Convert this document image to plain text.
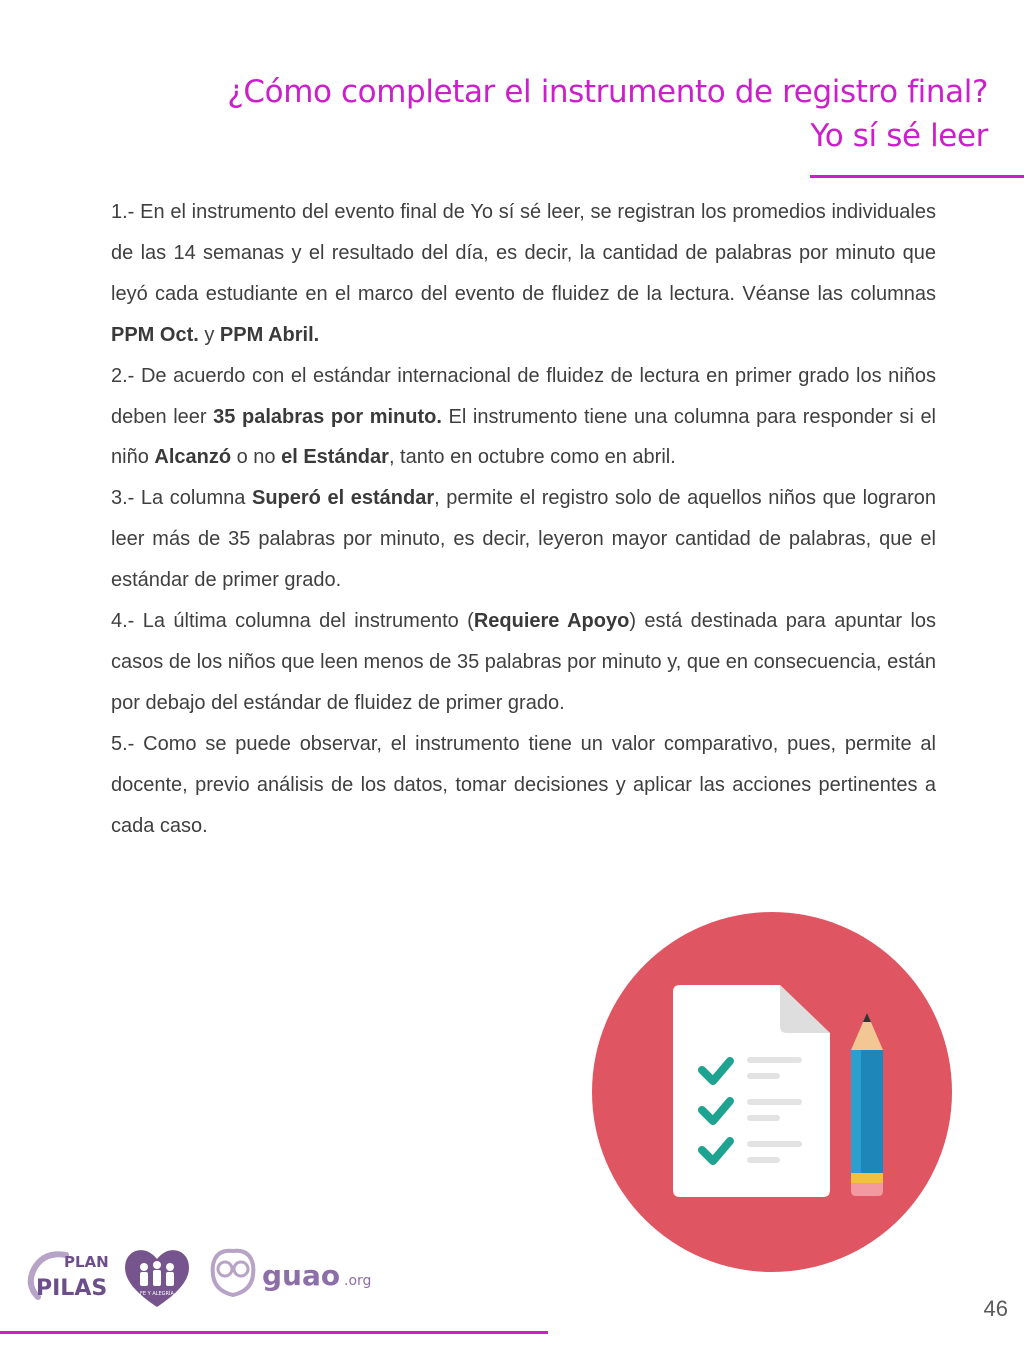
¿Cómo completar el instrumento de registro final?
Yo sí sé leer

1.- En el instrumento del evento final de Yo sí sé leer, se registran los promedios individuales de las 14 semanas y el resultado del día, es decir, la cantidad de palabras por minuto que leyó cada estudiante en el marco del evento de fluidez de la lectura. Véanse las columnas PPM Oct. y PPM Abril.

2.- De acuerdo con el estándar internacional de fluidez de lectura en primer grado los niños deben leer 35 palabras por minuto. El instrumento tiene una columna para responder si el niño Alcanzó o no el Estándar, tanto en octubre como en abril.

3.- La columna Superó el estándar, permite el registro solo de aquellos niños que lograron leer más de 35 palabras por minuto, es decir, leyeron mayor cantidad de palabras, que el estándar de primer grado.

4.- La última columna del instrumento (Requiere Apoyo) está destinada para apuntar los casos de los niños que leen menos de 35 palabras por minuto y, que en consecuencia, están por debajo del estándar de fluidez de primer grado.

5.- Como se puede observar, el instrumento tiene un valor comparativo, pues, permite al docente, previo análisis de los datos, tomar decisiones y aplicar las acciones pertinentes a cada caso.

PLAN
PILAS	FE Y ALEGRÍA
guao .org
46
